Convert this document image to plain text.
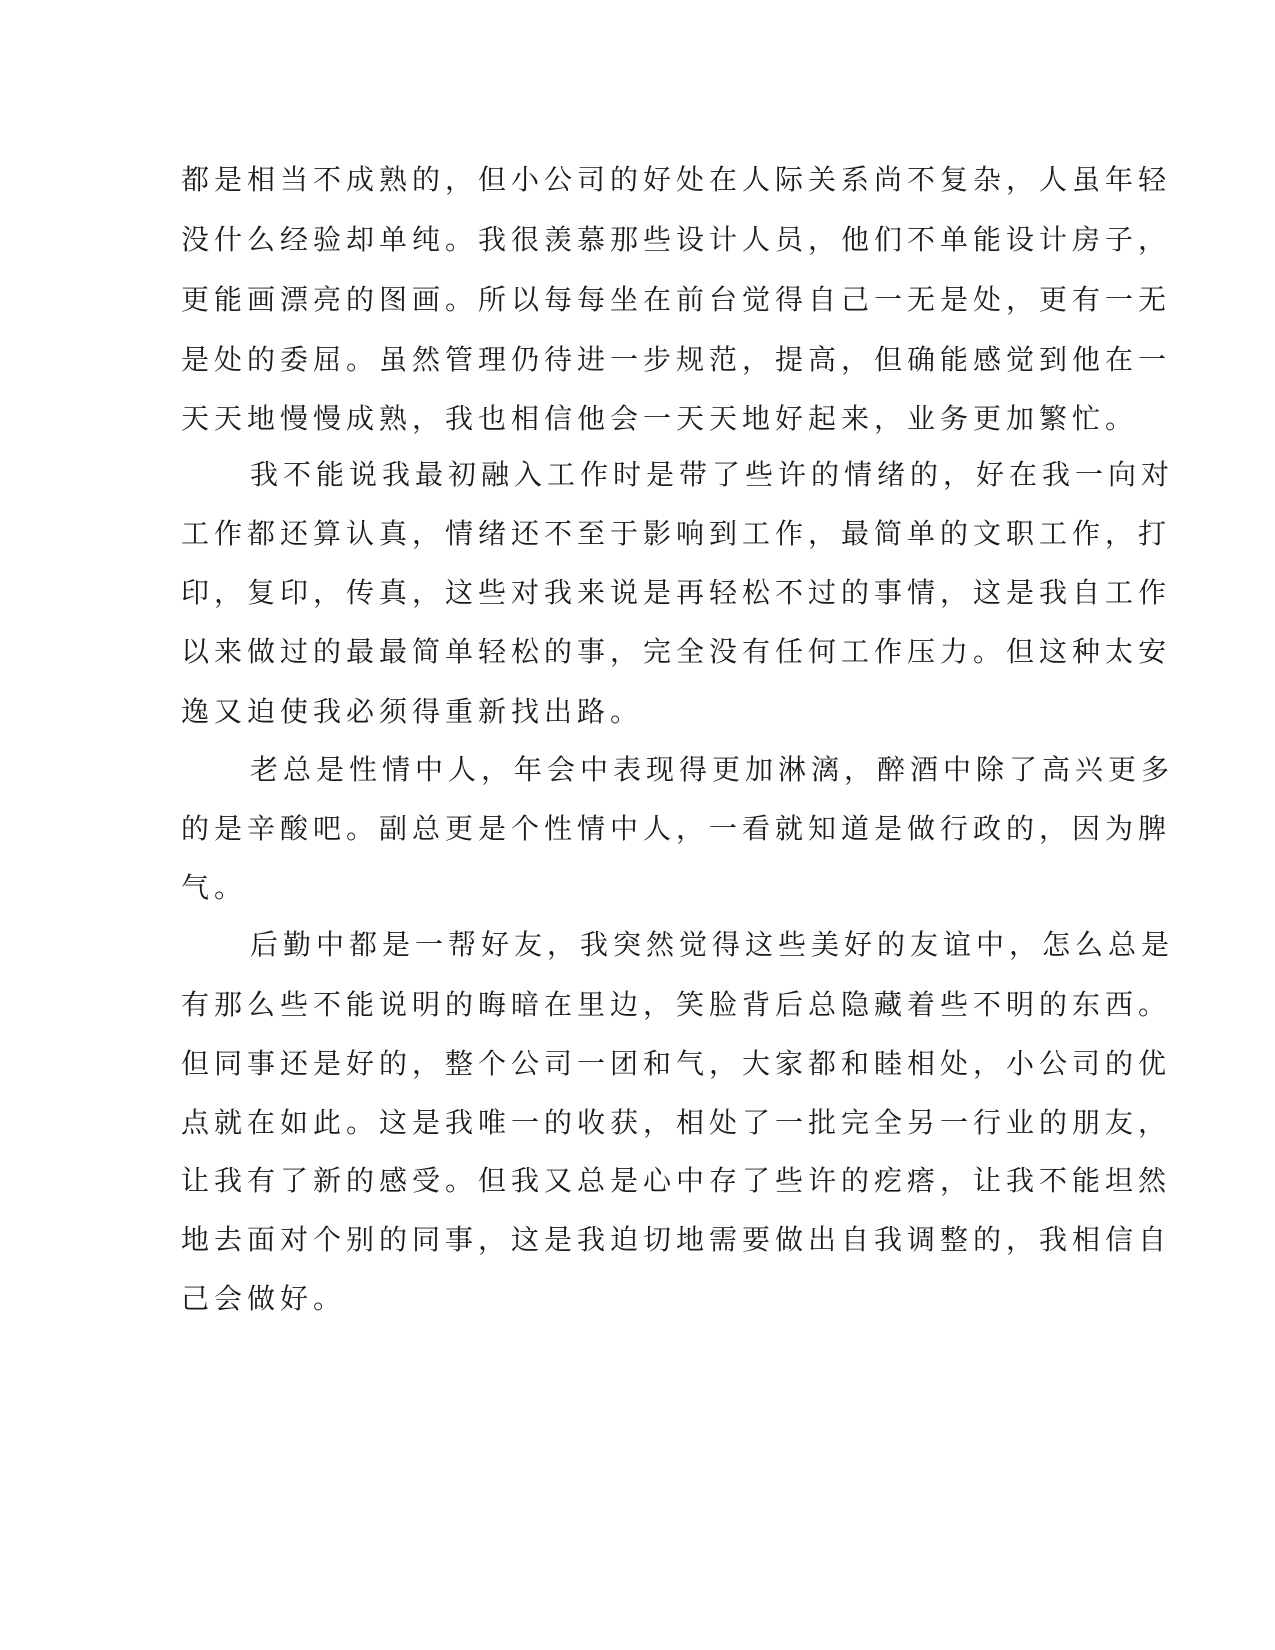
都是相当不成熟的，但小公司的好处在人际关系尚不复杂，人虽年轻

没什么经验却单纯。我很羡慕那些设计人员，他们不单能设计房子，

更能画漂亮的图画。所以每每坐在前台觉得自己一无是处，更有一无

是处的委屈。虽然管理仍待进一步规范，提高，但确能感觉到他在一

天天地慢慢成熟，我也相信他会一天天地好起来，业务更加繁忙。

我不能说我最初融入工作时是带了些许的情绪的，好在我一向对

工作都还算认真，情绪还不至于影响到工作，最简单的文职工作，打

印，复印，传真，这些对我来说是再轻松不过的事情，这是我自工作

以来做过的最最简单轻松的事，完全没有任何工作压力。但这种太安

逸又迫使我必须得重新找出路。

老总是性情中人，年会中表现得更加淋漓，醉酒中除了高兴更多

的是辛酸吧。副总更是个性情中人，一看就知道是做行政的，因为脾

气。

后勤中都是一帮好友，我突然觉得这些美好的友谊中，怎么总是

有那么些不能说明的晦暗在里边，笑脸背后总隐藏着些不明的东西。

但同事还是好的，整个公司一团和气，大家都和睦相处，小公司的优

点就在如此。这是我唯一的收获，相处了一批完全另一行业的朋友，

让我有了新的感受。但我又总是心中存了些许的疙瘩，让我不能坦然

地去面对个别的同事，这是我迫切地需要做出自我调整的，我相信自

己会做好。
